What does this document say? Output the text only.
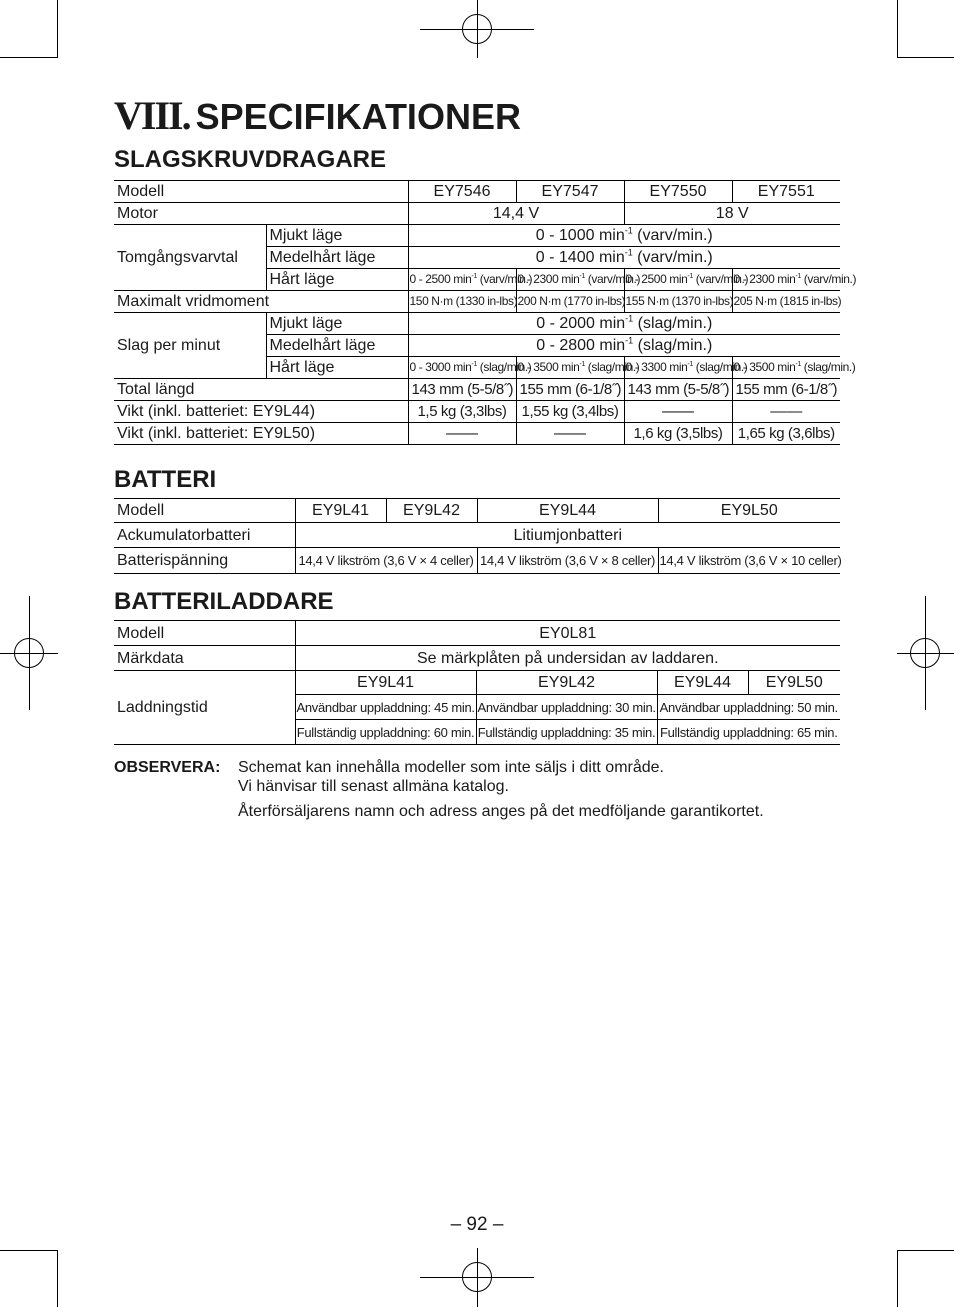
VIII. SPECIFIKATIONER
SLAGSKRUVDRAGARE
Modell		EY7546	EY7547	EY7550	EY7551
Motor		14,4 V		18 V	
Tomgångsvarvtal	Mjukt läge	0 - 1000 $\min^{-1}$ (varv/min.)			
	Medelhårt läge	0 - 1400 $\min^{-1}$ (varv/min.)			
	Hårt läge	0 - 2500 $\min^{-1}$ (varv/min.)	0 - 2300 $\min^{-1}$ (varv/min.)	0 - 2500 $\min^{-1}$ (varv/min.)	0 - 2300 $\min^{-1}$ (varv/min.)
Maximalt vridmoment		150 N·m (1330 in-lbs)	200 N·m (1770 in-lbs)	155 N·m (1370 in-lbs)	205 N·m (1815 in-lbs)
Slag per minut	Mjukt läge	0 - 2000 $\min^{-1}$ (slag/min.)			
	Medelhårt läge	0 - 2800 $\min^{-1}$ (slag/min.)			
	Hårt läge	0 - 3000 $\min^{-1}$ (slag/min.)	0 - 3500 $\min^{-1}$ (slag/min.)	0 - 3300 $\min^{-1}$ (slag/min.)	0 - 3500 $\min^{-1}$ (slag/min.)
Total längd		143 mm (5-5/8˝)	155 mm (6-1/8˝)	143 mm (5-5/8˝)	155 mm (6-1/8˝)
Vikt (inkl. batteriet: EY9L44)		1,5 kg (3,3lbs)	1,55 kg (3,4lbs)	——	——
Vikt (inkl. batteriet: EY9L50)		——	——	1,6 kg (3,5lbs)	1,65 kg (3,6lbs)
BATTERI
Modell	EY9L41	EY9L42	EY9L44	EY9L50
Ackumulatorbatteri	Litiumjonbatteri			
Batterispänning	14,4 V likström (3,6 V × 4 celler)		14,4 V likström (3,6 V × 8 celler)	14,4 V likström (3,6 V × 10 celler)
BATTERILADDARE
Modell	EY0L81			
Märkdata	Se märkplåten på undersidan av laddaren.			
Laddningstid	EY9L41	EY9L42	EY9L44	EY9L50
	Användbar uppladdning: 45 min.	Användbar uppladdning: 30 min.	Användbar uppladdning: 50 min.	
	Fullständig uppladdning: 60 min.	Fullständig uppladdning: 35 min.	Fullständig uppladdning: 65 min.	
OBSERVERA: Schemat kan innehålla modeller som inte säljs i ditt område.
Vi hänvisar till senast allmäna katalog.
Återförsäljarens namn och adress anges på det medföljande garantikortet.
– 92 –
